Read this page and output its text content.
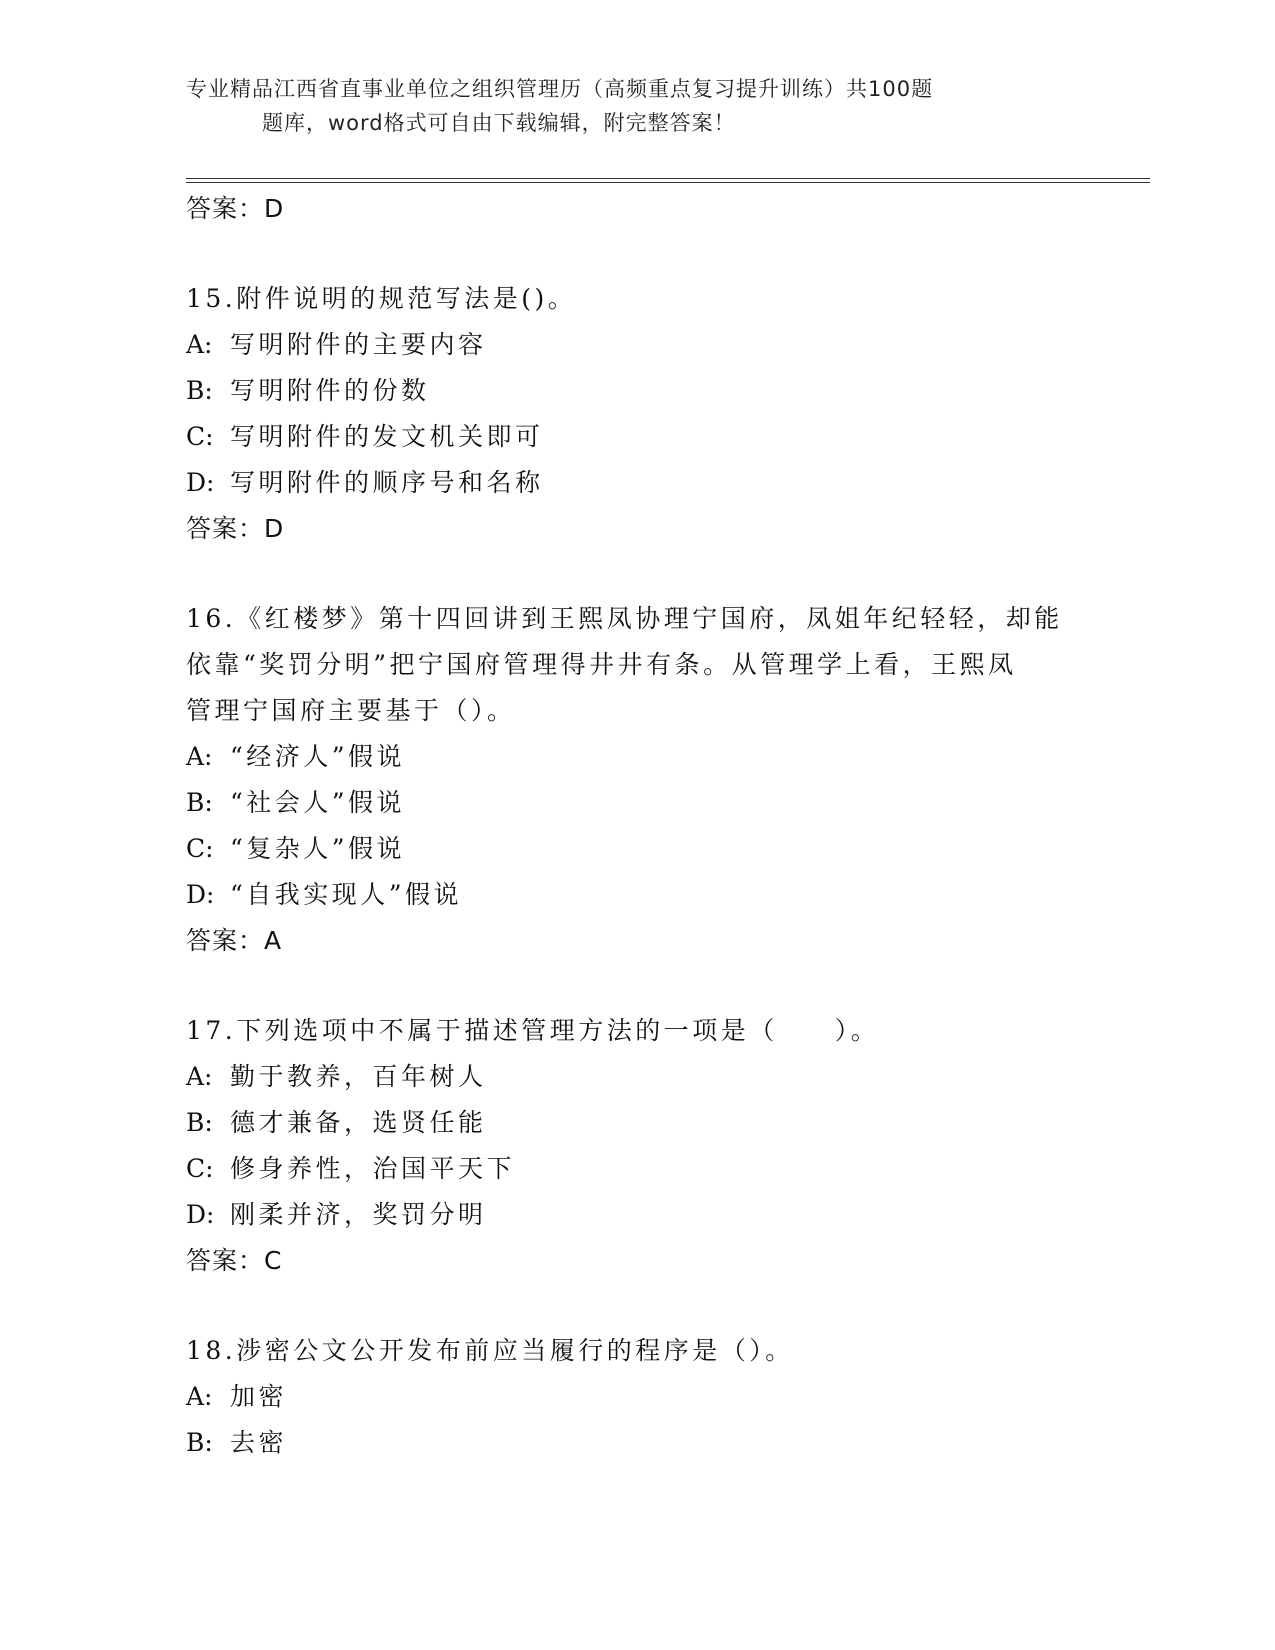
专业精品江西省直事业单位之组织管理历（高频重点复习提升训练）共100题
题库，word格式可自由下载编辑，附完整答案！
答案：D
15.附件说明的规范写法是()。
A: 写明附件的主要内容
B: 写明附件的份数
C: 写明附件的发文机关即可
D: 写明附件的顺序号和名称
答案：D
16.《红楼梦》第十四回讲到王熙凤协理宁国府，凤姐年纪轻轻，却能
依靠“奖罚分明”把宁国府管理得井井有条。从管理学上看，王熙凤
管理宁国府主要基于（）。
A: “经济人”假说
B: “社会人”假说
C: “复杂人”假说
D: “自我实现人”假说
答案：A
17.下列选项中不属于描述管理方法的一项是（　　）。
A: 勤于教养，百年树人
B: 德才兼备，选贤任能
C: 修身养性，治国平天下
D: 刚柔并济，奖罚分明
答案：C
18.涉密公文公开发布前应当履行的程序是（）。
A: 加密
B: 去密
